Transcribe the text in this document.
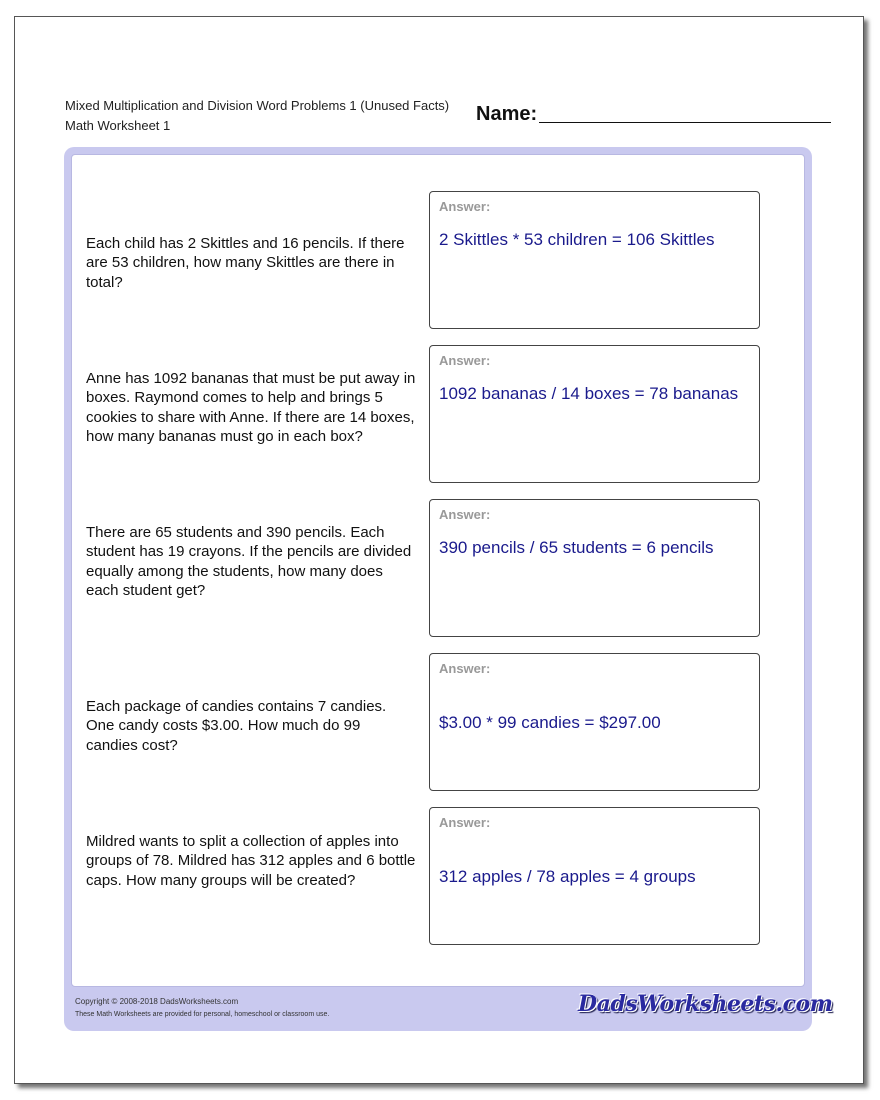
Mixed Multiplication and Division Word Problems 1 (Unused Facts)
Math Worksheet 1
Name:
Each child has 2 Skittles and 16 pencils. If there are 53 children, how many Skittles are there in total?
Answer:
2 Skittles * 53 children = 106 Skittles
Anne has 1092 bananas that must be put away in boxes. Raymond comes to help and brings 5 cookies to share with Anne. If there are 14 boxes, how many bananas must go in each box?
Answer:
1092 bananas / 14 boxes = 78 bananas
There are 65 students and 390 pencils. Each student has 19 crayons. If the pencils are divided equally among the students, how many does each student get?
Answer:
390 pencils / 65 students = 6 pencils
Each package of candies contains 7 candies. One candy costs $3.00. How much do 99 candies cost?
Answer:
$3.00 * 99 candies = $297.00
Mildred wants to split a collection of apples into groups of 78. Mildred has 312 apples and 6 bottle caps. How many groups will be created?
Answer:
312 apples / 78 apples = 4 groups
Copyright © 2008-2018 DadsWorksheets.com
These Math Worksheets are provided for personal, homeschool or classroom use.	DadsWorksheets.com
